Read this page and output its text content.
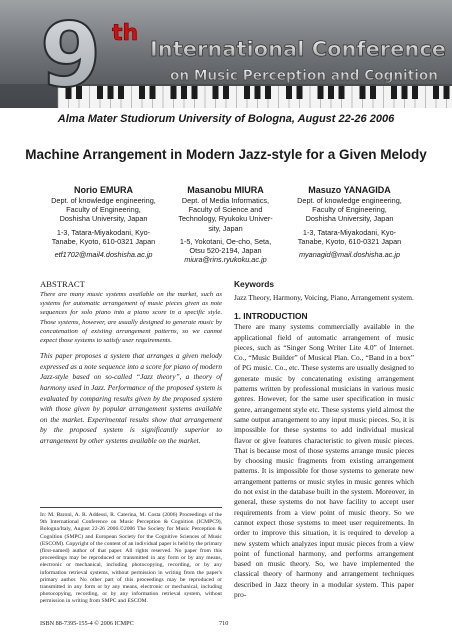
9 th
International Conference
on Music Perception and Cognition
Alma Mater Studiorum University of Bologna, August 22-26 2006
Machine Arrangement in Modern Jazz-style for a Given Melody
Norio EMURA
Dept. of knowledge engineering,
Faculty of Engineering,
Doshisha University, Japan
1-3, Tatara-Miyakodani, Kyo-
Tanabe, Kyoto, 610-0321 Japan
etf1702@mail4.doshisha.ac.jp
Masanobu MIURA
Dept. of Media Informatics,
Faculty of Science and
Technology, Ryukoku Univer-
sity, Japan
1-5, Yokotani, Oe-cho, Seta,
Otsu 520-2194, Japan
miura@rins.ryukoku.ac.jp
Masuzo YANAGIDA
Dept. of knowledge engineering,
Faculty of Engineering,
Doshisha University, Japan
1-3, Tatara-Miyakodani, Kyo-
Tanabe, Kyoto, 610-0321 Japan
myanagid@mail.doshisha.ac.jp
ABSTRACT
There are many music systems available on the market, such as systems for automatic arrangement of music pieces given as note sequences for solo piano into a piano score in a specific style. Those systems, however, are usually designed to generate music by concatenation of existing arrangement patterns, so we cannot expect those systems to satisfy user requirements.
This paper proposes a system that arranges a given melody expressed as a note sequence into a score for piano of modern Jazz-style based on so-called “Jazz theory”, a theory of harmony used in Jazz. Performance of the proposed system is evaluated by comparing results given by the proposed system with those given by popular arrangement systems available on the market. Experimental results show that arrangement by the proposed system is significantly superior to arrangement by other systems available on the market.
In: M. Baroni, A. R. Addessi, R. Caterina, M. Costa (2006) Proceedings of the 9th International Conference on Music Perception & Cognition (ICMPC9), Bologna/Italy, August 22-26 2006.©2006 The Society for Music Perception & Cognition (SMPC) and European Society for the Cognitive Sciences of Music (ESCOM). Copyright of the content of an individual paper is held by the primary (first-named) author of that paper. All rights reserved. No paper from this proceedings may be reproduced or transmitted in any form or by any means, electronic or mechanical, including photocopying, recording, or by any information retrieval systems, without permission in writing from the paper's primary author. No other part of this proceedings may be reproduced or transmitted in any form or by any means, electronic or mechanical, including photocopying, recording, or by any information retrieval system, without permission in writing from SMPC and ESCOM.
Keywords
Jazz Theory, Harmony, Voicing, Piano, Arrangement system.
1. INTRODUCTION
There are many systems commercially available in the applicational field of automatic arrangement of music pieces, such as “Singer Song Writer Lite 4.0” of Internet. Co., “Music Builder” of Musical Plan. Co., “Band in a box” of PG music. Co., etc. These systems are usually designed to generate music by concatenating existing arrangement patterns written by professional musicians in various music genres. However, for the same user specification in music genre, arrangement style etc. These systems yield almost the same output arrangement to any input music pieces. So, it is impossible for these systems to add individual musical flavor or give features characteristic to given music pieces. That is because most of those systems arrange music pieces by choosing music fragments from existing arrangement patterns. It is impossible for those systems to generate new arrangement patterns or music styles in music genres which do not exist in the database built in the system. Moreover, in general, these systems do not have facility to accept user requirements from a view point of music theory. So we cannot expect those systems to meet user requirements. In order to improve this situation, it is required to develop a new system which analyzes input music pieces from a view point of functional harmony, and performs arrangement based on music theory. So, we have implemented the classical theory of harmony and arrangement techniques described in Jazz theory in a modular system. This paper pro-
ISBN 88-7395-155-4 © 2006 ICMPC	710
